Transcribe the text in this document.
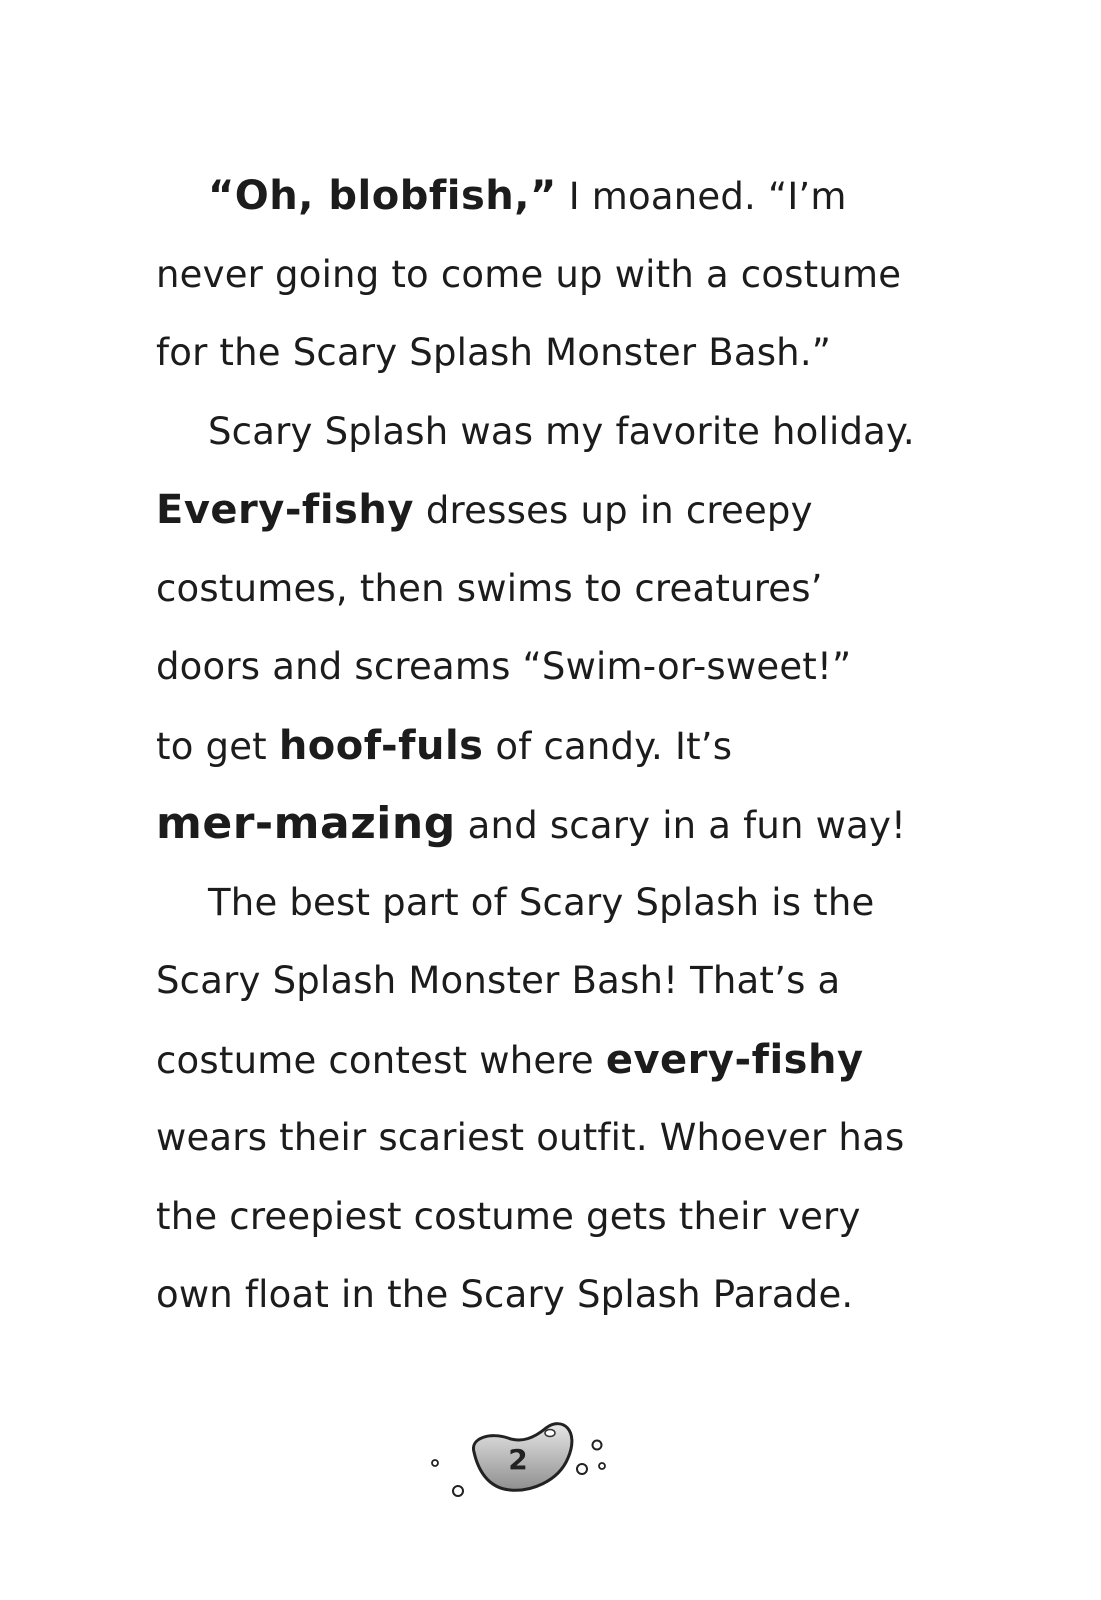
“Oh, blobfish,” I moaned. “I’m
never going to come up with a costume
for the Scary Splash Monster Bash.”
Scary Splash was my favorite holiday.
Every-fishy dresses up in creepy
costumes, then swims to creatures’
doors and screams “Swim-or-sweet!”
to get hoof-fuls of candy. It’s
mer-mazing and scary in a fun way!
The best part of Scary Splash is the
Scary Splash Monster Bash! That’s a
costume contest where every-fishy
wears their scariest outfit. Whoever has
the creepiest costume gets their very
own float in the Scary Splash Parade.
2
